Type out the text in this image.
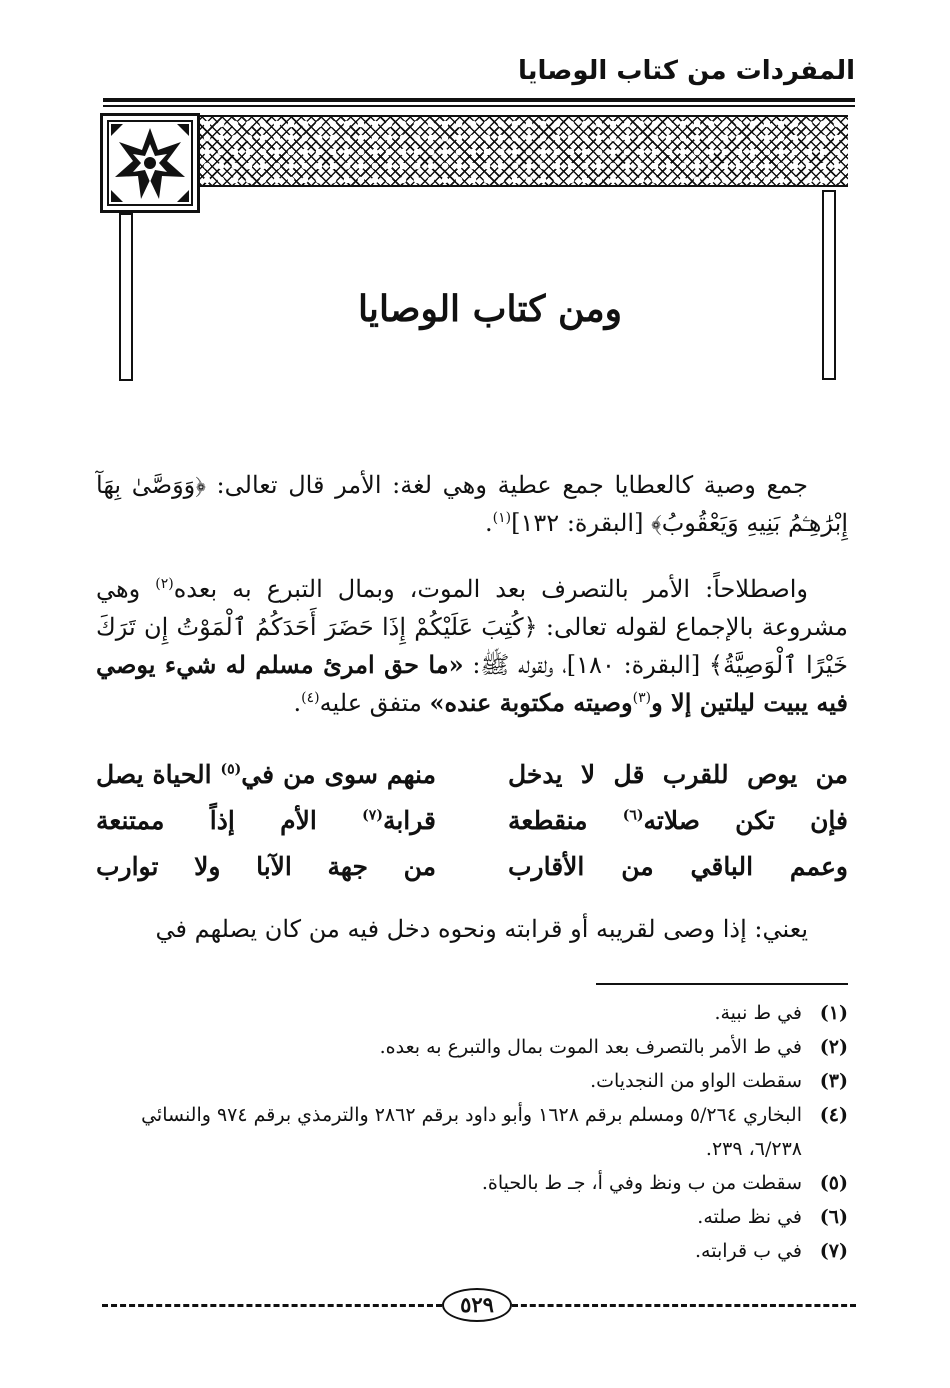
المفردات من كتاب الوصايا
ومن كتاب الوصايا

جمع وصية كالعطايا جمع عطية وهي لغة: الأمر قال تعالى: ﴿وَوَصَّىٰ بِهَآ إِبْرَٰهِـۧمُ بَنِيهِ وَيَعْقُوبُ﴾ [البقرة: ١٣٢]$^{(١)}$.

واصطلاحاً: الأمر بالتصرف بعد الموت، وبمال التبرع به بعده$^{(٢)}$ وهي مشروعة بالإجماع لقوله تعالى: ﴿كُتِبَ عَلَيْكُمْ إِذَا حَضَرَ أَحَدَكُمُ ٱلْمَوْتُ إِن تَرَكَ خَيْرًا ٱلْوَصِيَّةُ﴾ [البقرة: ١٨٠]، ولقوله ﷺ: «ما حق امرئ مسلم له شيء يوصي فيه يبيت ليلتين إلا و$^{(٣)}$وصيته مكتوبة عنده» متفق عليه$^{(٤)}$.

من يوص للقرب قل لا يدخل
منهم سوى من في$^{(٥)}$ الحياة يصل
فإن تكن صلاته$^{(٦)}$ منقطعة
قرابة$^{(٧)}$ الأم إذاً ممتنعة
وعمم الباقي من الأقارب
من جهة الآبا ولا توارب

يعني: إذا وصى لقريبه أو قرابته ونحوه دخل فيه من كان يصلهم في

(١)
في ط نبية.
(٢)
في ط الأمر بالتصرف بعد الموت بمال والتبرع به بعده.
(٣)
سقطت الواو من النجديات.
(٤)
البخاري ٥/٢٦٤ ومسلم برقم ١٦٢٨ وأبو داود برقم ٢٨٦٢ والترمذي برقم ٩٧٤ والنسائي ٦/٢٣٨، ٢٣٩.
(٥)
سقطت من ب ونظ وفي أ، جـ ط بالحياة.
(٦)
في نظ صلته.
(٧)
في ب قرابته.
٥٢٩
